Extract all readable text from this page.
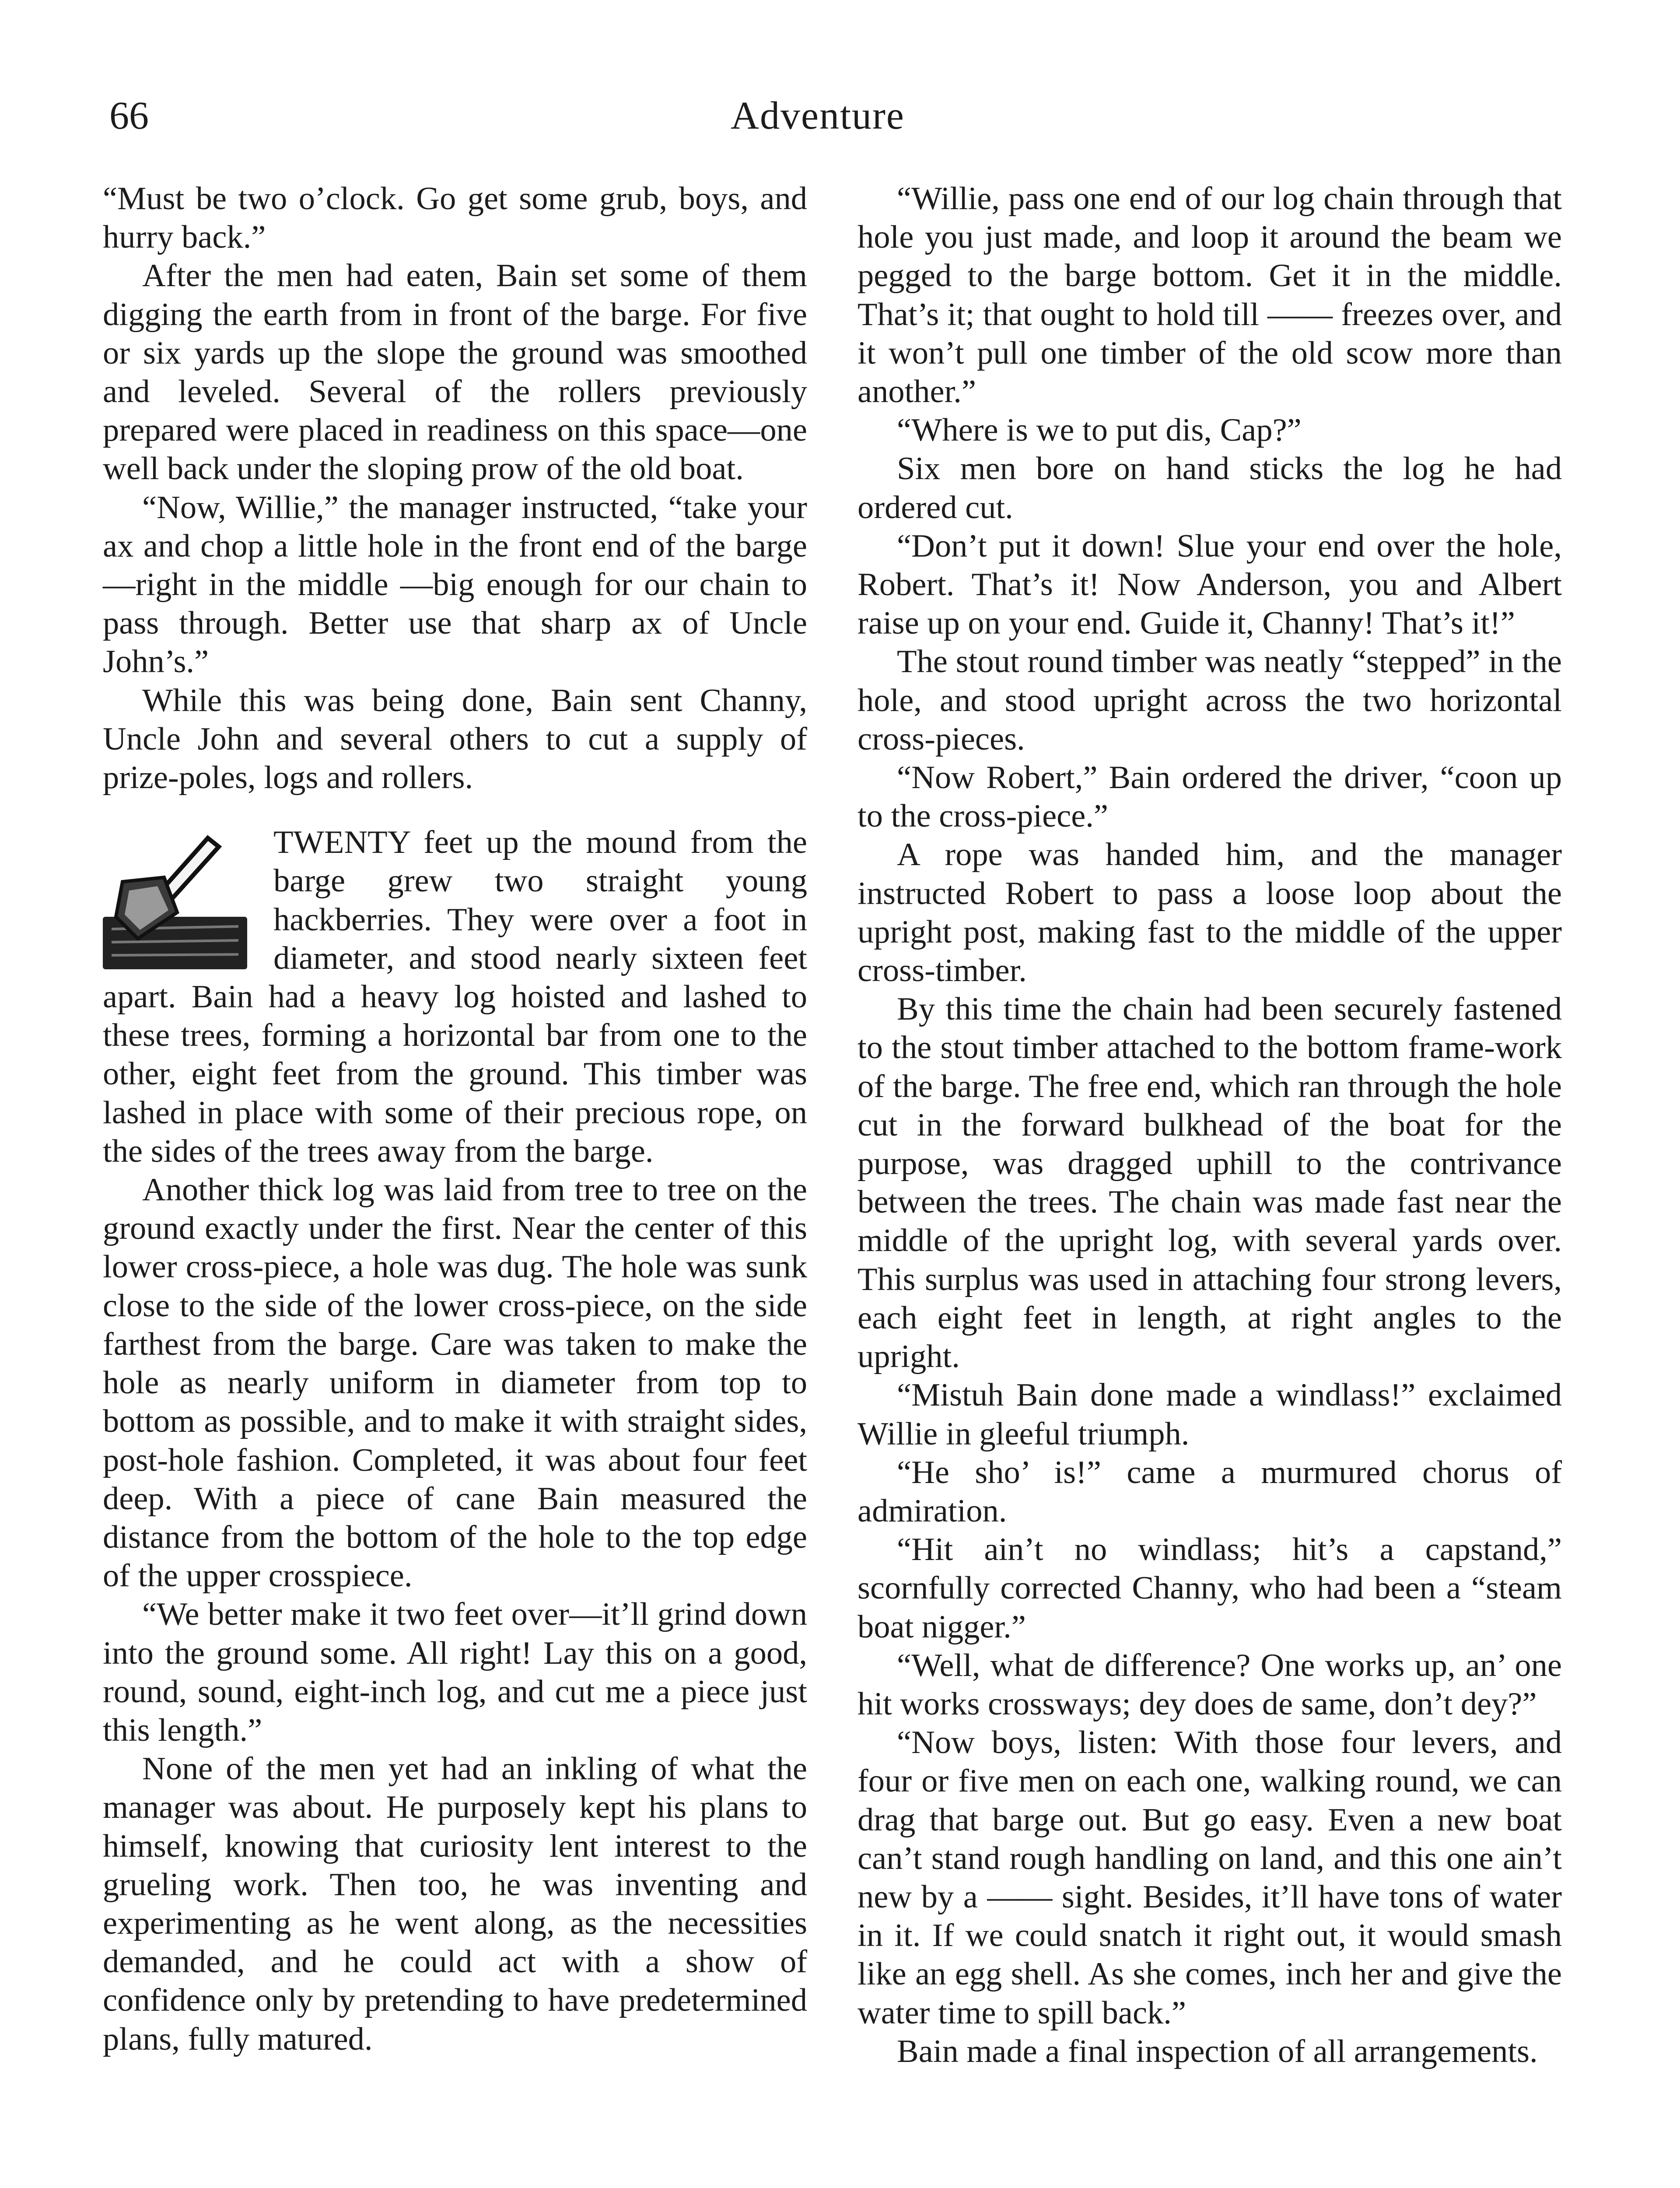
66	Adventure

“Must be two o’clock. Go get some grub, boys, and hurry back.”

After the men had eaten, Bain set some of them digging the earth from in front of the barge. For five or six yards up the slope the ground was smoothed and leveled. Several of the rollers previously prepared were placed in readiness on this space—one well back under the sloping prow of the old boat.

“Now, Willie,” the manager instructed, “take your ax and chop a little hole in the front end of the barge—right in the middle —big enough for our chain to pass through. Better use that sharp ax of Uncle John’s.”

While this was being done, Bain sent Channy, Uncle John and several others to cut a supply of prize-poles, logs and rollers.

TWENTY feet up the mound from the barge grew two straight young hackberries. They were over a foot in diameter, and stood nearly sixteen feet apart. Bain had a heavy log hoisted and lashed to these trees, forming a horizontal bar from one to the other, eight feet from the ground. This timber was lashed in place with some of their precious rope, on the sides of the trees away from the barge.

Another thick log was laid from tree to tree on the ground exactly under the first. Near the center of this lower cross-piece, a hole was dug. The hole was sunk close to the side of the lower cross-piece, on the side farthest from the barge. Care was taken to make the hole as nearly uniform in diameter from top to bottom as possible, and to make it with straight sides, post-hole fashion. Completed, it was about four feet deep. With a piece of cane Bain measured the distance from the bottom of the hole to the top edge of the upper crosspiece.

“We better make it two feet over—it’ll grind down into the ground some. All right! Lay this on a good, round, sound, eight-inch log, and cut me a piece just this length.”

None of the men yet had an inkling of what the manager was about. He purposely kept his plans to himself, knowing that curiosity lent interest to the grueling work. Then too, he was inventing and experimenting as he went along, as the necessities demanded, and he could act with a show of confidence only by pretending to have predetermined plans, fully matured.

“Willie, pass one end of our log chain through that hole you just made, and loop it around the beam we pegged to the barge bottom. Get it in the middle. That’s it; that ought to hold till —— freezes over, and it won’t pull one timber of the old scow more than another.”

“Where is we to put dis, Cap?”

Six men bore on hand sticks the log he had ordered cut.

“Don’t put it down! Slue your end over the hole, Robert. That’s it! Now Anderson, you and Albert raise up on your end. Guide it, Channy! That’s it!”

The stout round timber was neatly “stepped” in the hole, and stood upright across the two horizontal cross-pieces.

“Now Robert,” Bain ordered the driver, “coon up to the cross-piece.”

A rope was handed him, and the manager instructed Robert to pass a loose loop about the upright post, making fast to the middle of the upper cross-timber.

By this time the chain had been securely fastened to the stout timber attached to the bottom frame-work of the barge. The free end, which ran through the hole cut in the forward bulkhead of the boat for the purpose, was dragged uphill to the contrivance between the trees. The chain was made fast near the middle of the upright log, with several yards over. This surplus was used in attaching four strong levers, each eight feet in length, at right angles to the upright.

“Mistuh Bain done made a windlass!” exclaimed Willie in gleeful triumph.

“He sho’ is!” came a murmured chorus of admiration.

“Hit ain’t no windlass; hit’s a capstand,” scornfully corrected Channy, who had been a “steam boat nigger.”

“Well, what de difference? One works up, an’ one hit works crossways; dey does de same, don’t dey?”

“Now boys, listen: With those four levers, and four or five men on each one, walking round, we can drag that barge out. But go easy. Even a new boat can’t stand rough handling on land, and this one ain’t new by a —— sight. Besides, it’ll have tons of water in it. If we could snatch it right out, it would smash like an egg shell. As she comes, inch her and give the water time to spill back.”

Bain made a final inspection of all arrangements.
